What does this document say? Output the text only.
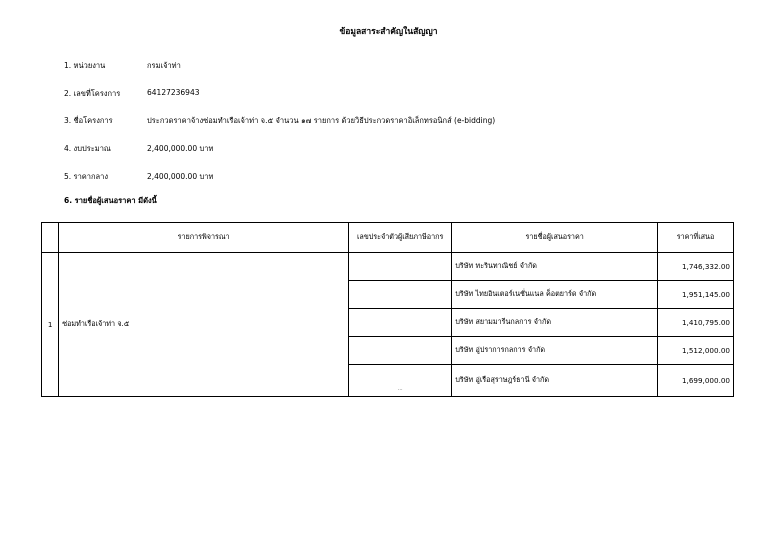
ข้อมูลสาระสำคัญในสัญญา
1. หน่วยงาน	กรมเจ้าท่า
2. เลขที่โครงการ	64127236943
3. ชื่อโครงการ	ประกวดราคาจ้างซ่อมทำเรือเจ้าท่า จ.๕ จำนวน ๑๗ รายการ ด้วยวิธีประกวดราคาอิเล็กทรอนิกส์ (e-bidding)
4. งบประมาณ	2,400,000.00 บาท
5. ราคากลาง	2,400,000.00 บาท
6. รายชื่อผู้เสนอราคา มีดังนี้
	รายการพิจารณา	เลขประจำตัวผู้เสียภาษีอากร	รายชื่อผู้เสนอราคา	ราคาที่เสนอ
1	ซ่อมทำเรือเจ้าท่า จ.๕		บริษัท ทะรินทาณิชย์ จำกัด	1,746,332.00
			บริษัท ไทยอินเตอร์เนชั่นแนล ค็อตยาร์ด จำกัด	1,951,145.00
			บริษัท สยามมารีนกลการ จำกัด	1,410,795.00
			บริษัท อู่ปราการกลการ จำกัด	1,512,000.00
		...	บริษัท อู่เรือสุราษฎร์ธานี จำกัด	1,699,000.00
